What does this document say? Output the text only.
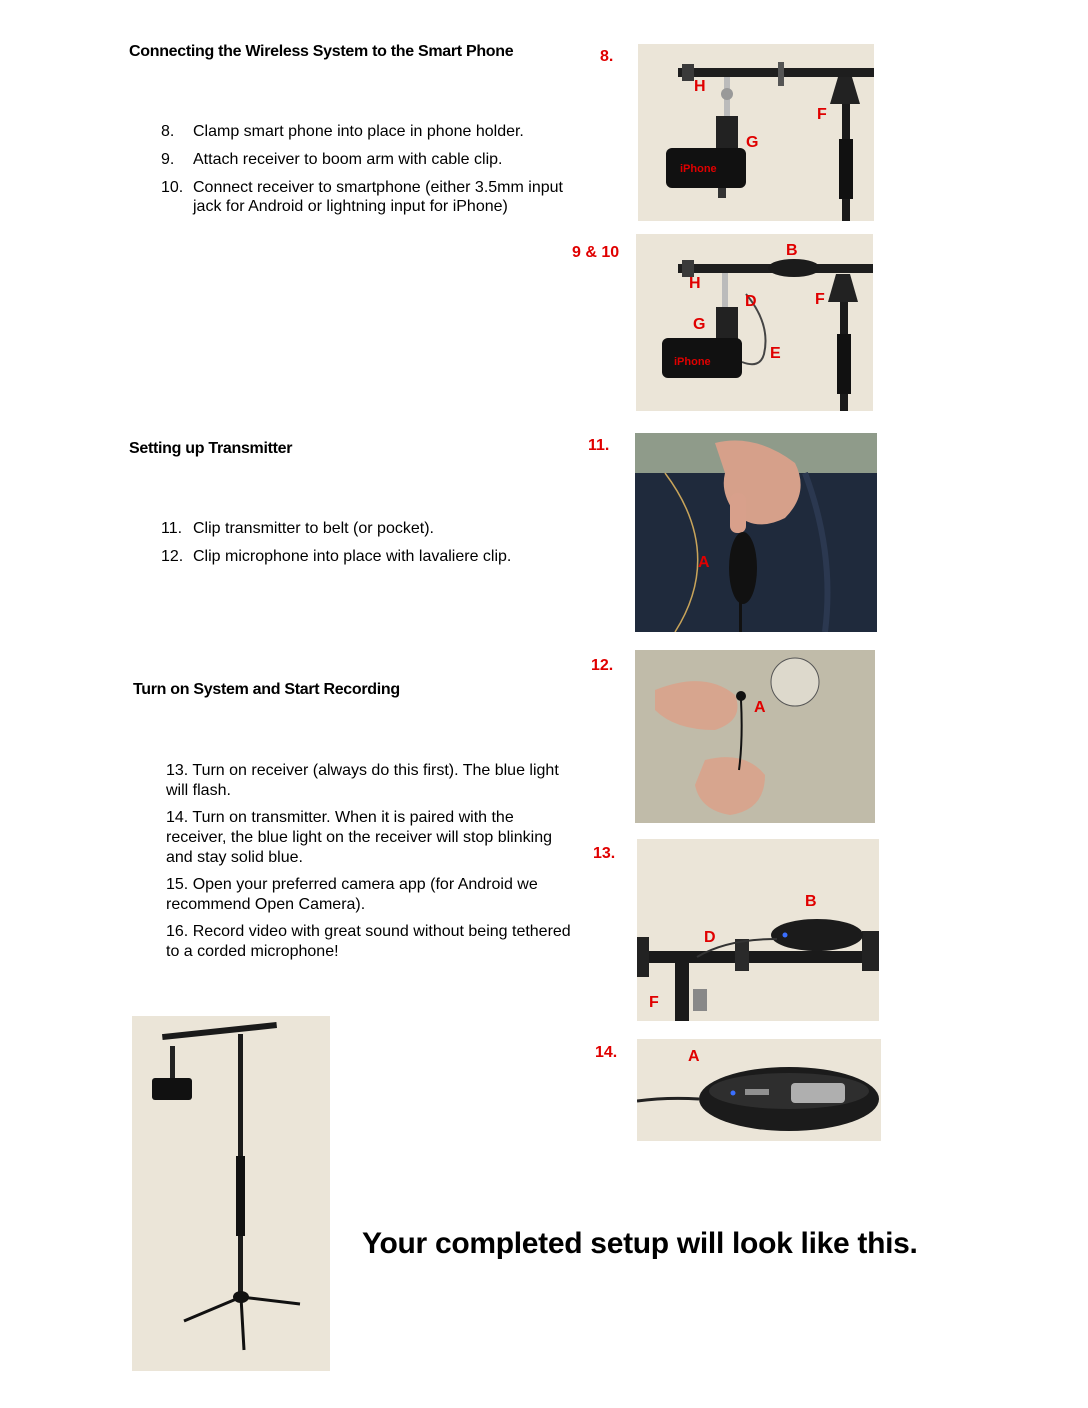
Connecting the Wireless System to the Smart Phone
8. Clamp smart phone into place in phone holder.
9. Attach receiver to boom arm with cable clip.
10. Connect receiver to smartphone (either 3.5mm input jack for Android or lightning input for iPhone)
Setting up Transmitter
11. Clip transmitter to belt (or pocket).
12. Clip microphone into place with lavaliere clip.
Turn on System and Start Recording
13. Turn on receiver (always do this first). The blue light will flash.
14. Turn on transmitter. When it is paired with the receiver, the blue light on the receiver will stop blinking and stay solid blue.
15. Open your preferred camera app (for Android we recommend Open Camera).
16. Record video with great sound without being tethered to a corded microphone!
8.
H
F
G
iPhone
9 & 10	B
H
D	F
G
E
iPhone
11.
A
12.
A
13.
B
D
F
14.	A
Your completed setup will look like this.
